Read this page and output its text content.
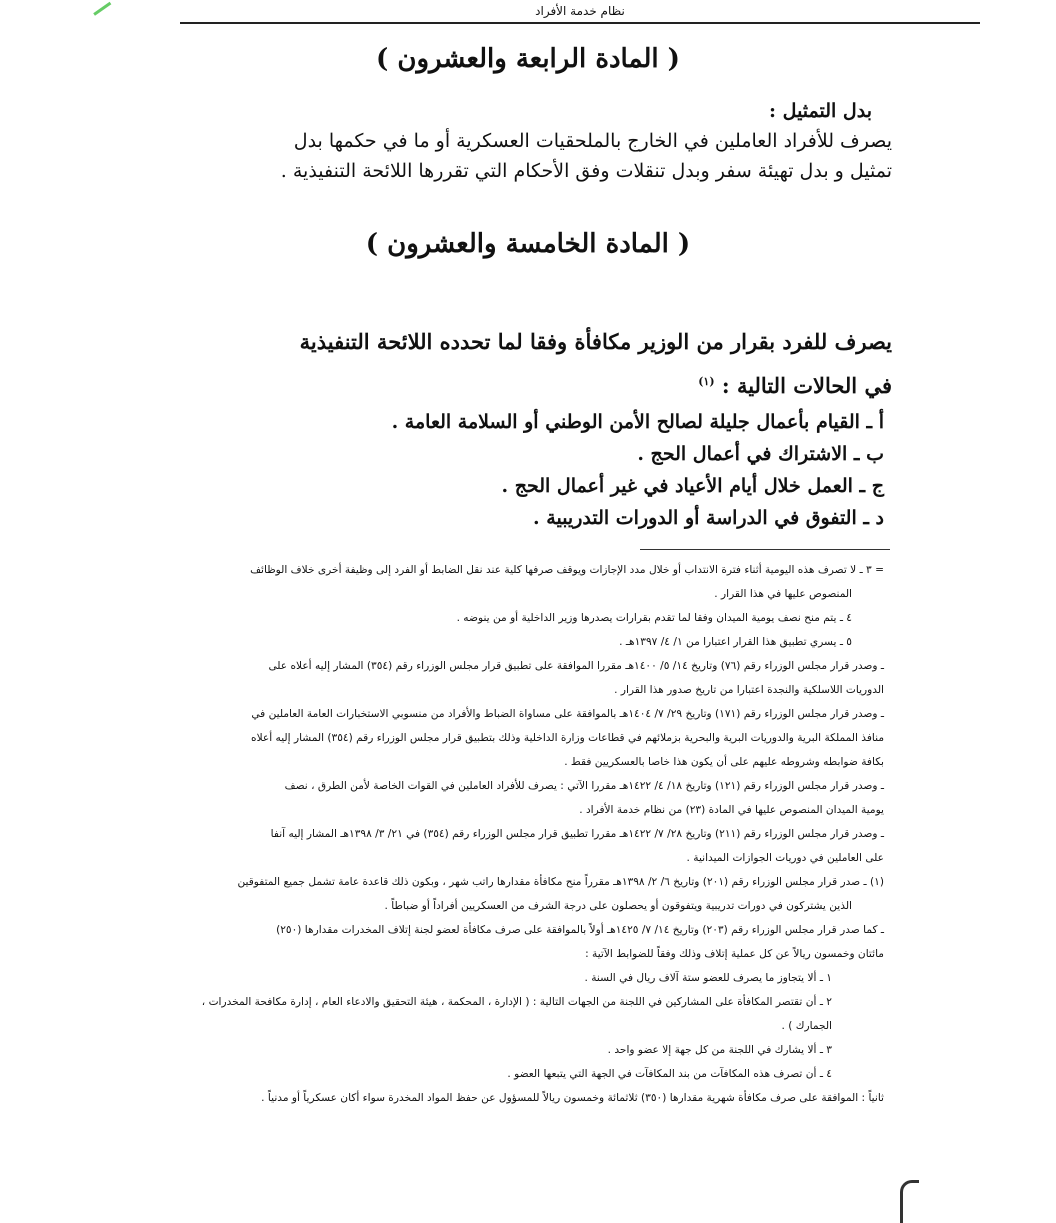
نظام خدمة الأفراد
( المادة الرابعة والعشرون )
بدل التمثيل :
يصرف للأفراد العاملين في الخارج بالملحقيات العسكرية أو ما في حكمها بدل
تمثيل و بدل تهيئة سفر وبدل تنقلات وفق الأحكام التي تقررها اللائحة التنفيذية .
( المادة الخامسة والعشرون )
يصرف للفرد بقرار من الوزير مكافأة وفقا لما تحدده اللائحة التنفيذية
في الحالات التالية : $^{(١)}$
أ ـ القيام بأعمال جليلة لصالح الأمن الوطني أو السلامة العامة .
ب ـ الاشتراك في أعمال الحج .
ج ـ العمل خلال أيام الأعياد في غير أعمال الحج .
د ـ التفوق في الدراسة أو الدورات التدريبية .

= ٣ ـ لا تصرف هذه اليومية أثناء فترة الانتداب أو خلال مدد الإجازات ويوقف صرفها كلية عند نقل الضابط أو الفرد إلى وظيفة أخرى خلاف الوظائف

المنصوص عليها في هذا القرار .

٤ ـ يتم منح نصف يومية الميدان وفقا لما تقدم بقرارات يصدرها وزير الداخلية أو من ينوضه .

٥ ـ يسري تطبيق هذا القرار اعتبارا من ١/ ٤/ ١٣٩٧هـ .

ـ وصدر قرار مجلس الوزراء رقم (٧٦) وتاريخ ١٤/ ٥/ ١٤٠٠هـ مقررا الموافقة على تطبيق قرار مجلس الوزراء رقم (٣٥٤) المشار إليه أعلاه على

الدوريات اللاسلكية والنجدة اعتبارا من تاريخ صدور هذا القرار .

ـ وصدر قرار مجلس الوزراء رقم (١٧١) وتاريخ ٢٩/ ٧/ ١٤٠٤هـ بالموافقة على مساواة الضباط والأفراد من منسوبي الاستخبارات العامة العاملين في

منافذ المملكة البرية والدوريات البرية والبحرية بزملائهم في قطاعات وزارة الداخلية وذلك بتطبيق قرار مجلس الوزراء رقم (٣٥٤) المشار إليه أعلاه

بكافة ضوابطه وشروطه عليهم على أن يكون هذا خاصا بالعسكريين فقط .

ـ وصدر قرار مجلس الوزراء رقم (١٢١) وتاريخ ١٨/ ٤/ ١٤٢٢هـ مقررا الآتي : يصرف للأفراد العاملين في القوات الخاصة لأمن الطرق ، نصف

يومية الميدان المنصوص عليها في المادة (٢٣) من نظام خدمة الأفراد .

ـ وصدر قرار مجلس الوزراء رقم (٢١١) وتاريخ ٢٨/ ٧/ ١٤٢٢هـ مقررا تطبيق قرار مجلس الوزراء رقم (٣٥٤) في ٢١/ ٣/ ١٣٩٨هـ المشار إليه آنفا

على العاملين في دوريات الجوازات الميدانية .

(١) ـ صدر قرار مجلس الوزراء رقم (٢٠١) وتاريخ ٦/ ٢/ ١٣٩٨هـ مقرراً منح مكافأة مقدارها راتب شهر ، وبكون ذلك قاعدة عامة تشمل جميع المتفوقين

الذين يشتركون في دورات تدريبية ويتفوقون أو يحصلون على درجة الشرف من العسكريين أفراداً أو ضباطاً .

ـ كما صدر قرار مجلس الوزراء رقم (٢٠٣) وتاريخ ١٤/ ٧/ ١٤٢٥هـ أولاً بالموافقة على صرف مكافأة لعضو لجنة إتلاف المخدرات مقدارها (٢٥٠)

مائتان وخمسون ريالاً عن كل عملية إتلاف وذلك وفقاً للضوابط الآتية :

١ ـ ألا يتجاوز ما يصرف للعضو ستة آلاف ريال في السنة .

٢ ـ أن تقتصر المكافأة على المشاركين في اللجنة من الجهات التالية : ( الإدارة ، المحكمة ، هيئة التحقيق والادعاء العام ، إدارة مكافحة المخدرات ،

الجمارك ) .

٣ ـ ألا يشارك في اللجنة من كل جهة إلا عضو واحد .

٤ ـ أن تصرف هذه المكافآت من بند المكافآت في الجهة التي يتبعها العضو .

ثانياً : الموافقة على صرف مكافأة شهرية مقدارها (٣٥٠) ثلاثمائة وخمسون ريالاً للمسؤول عن حفظ المواد المخدرة سواء أكان عسكرياً أو مدنياً .
